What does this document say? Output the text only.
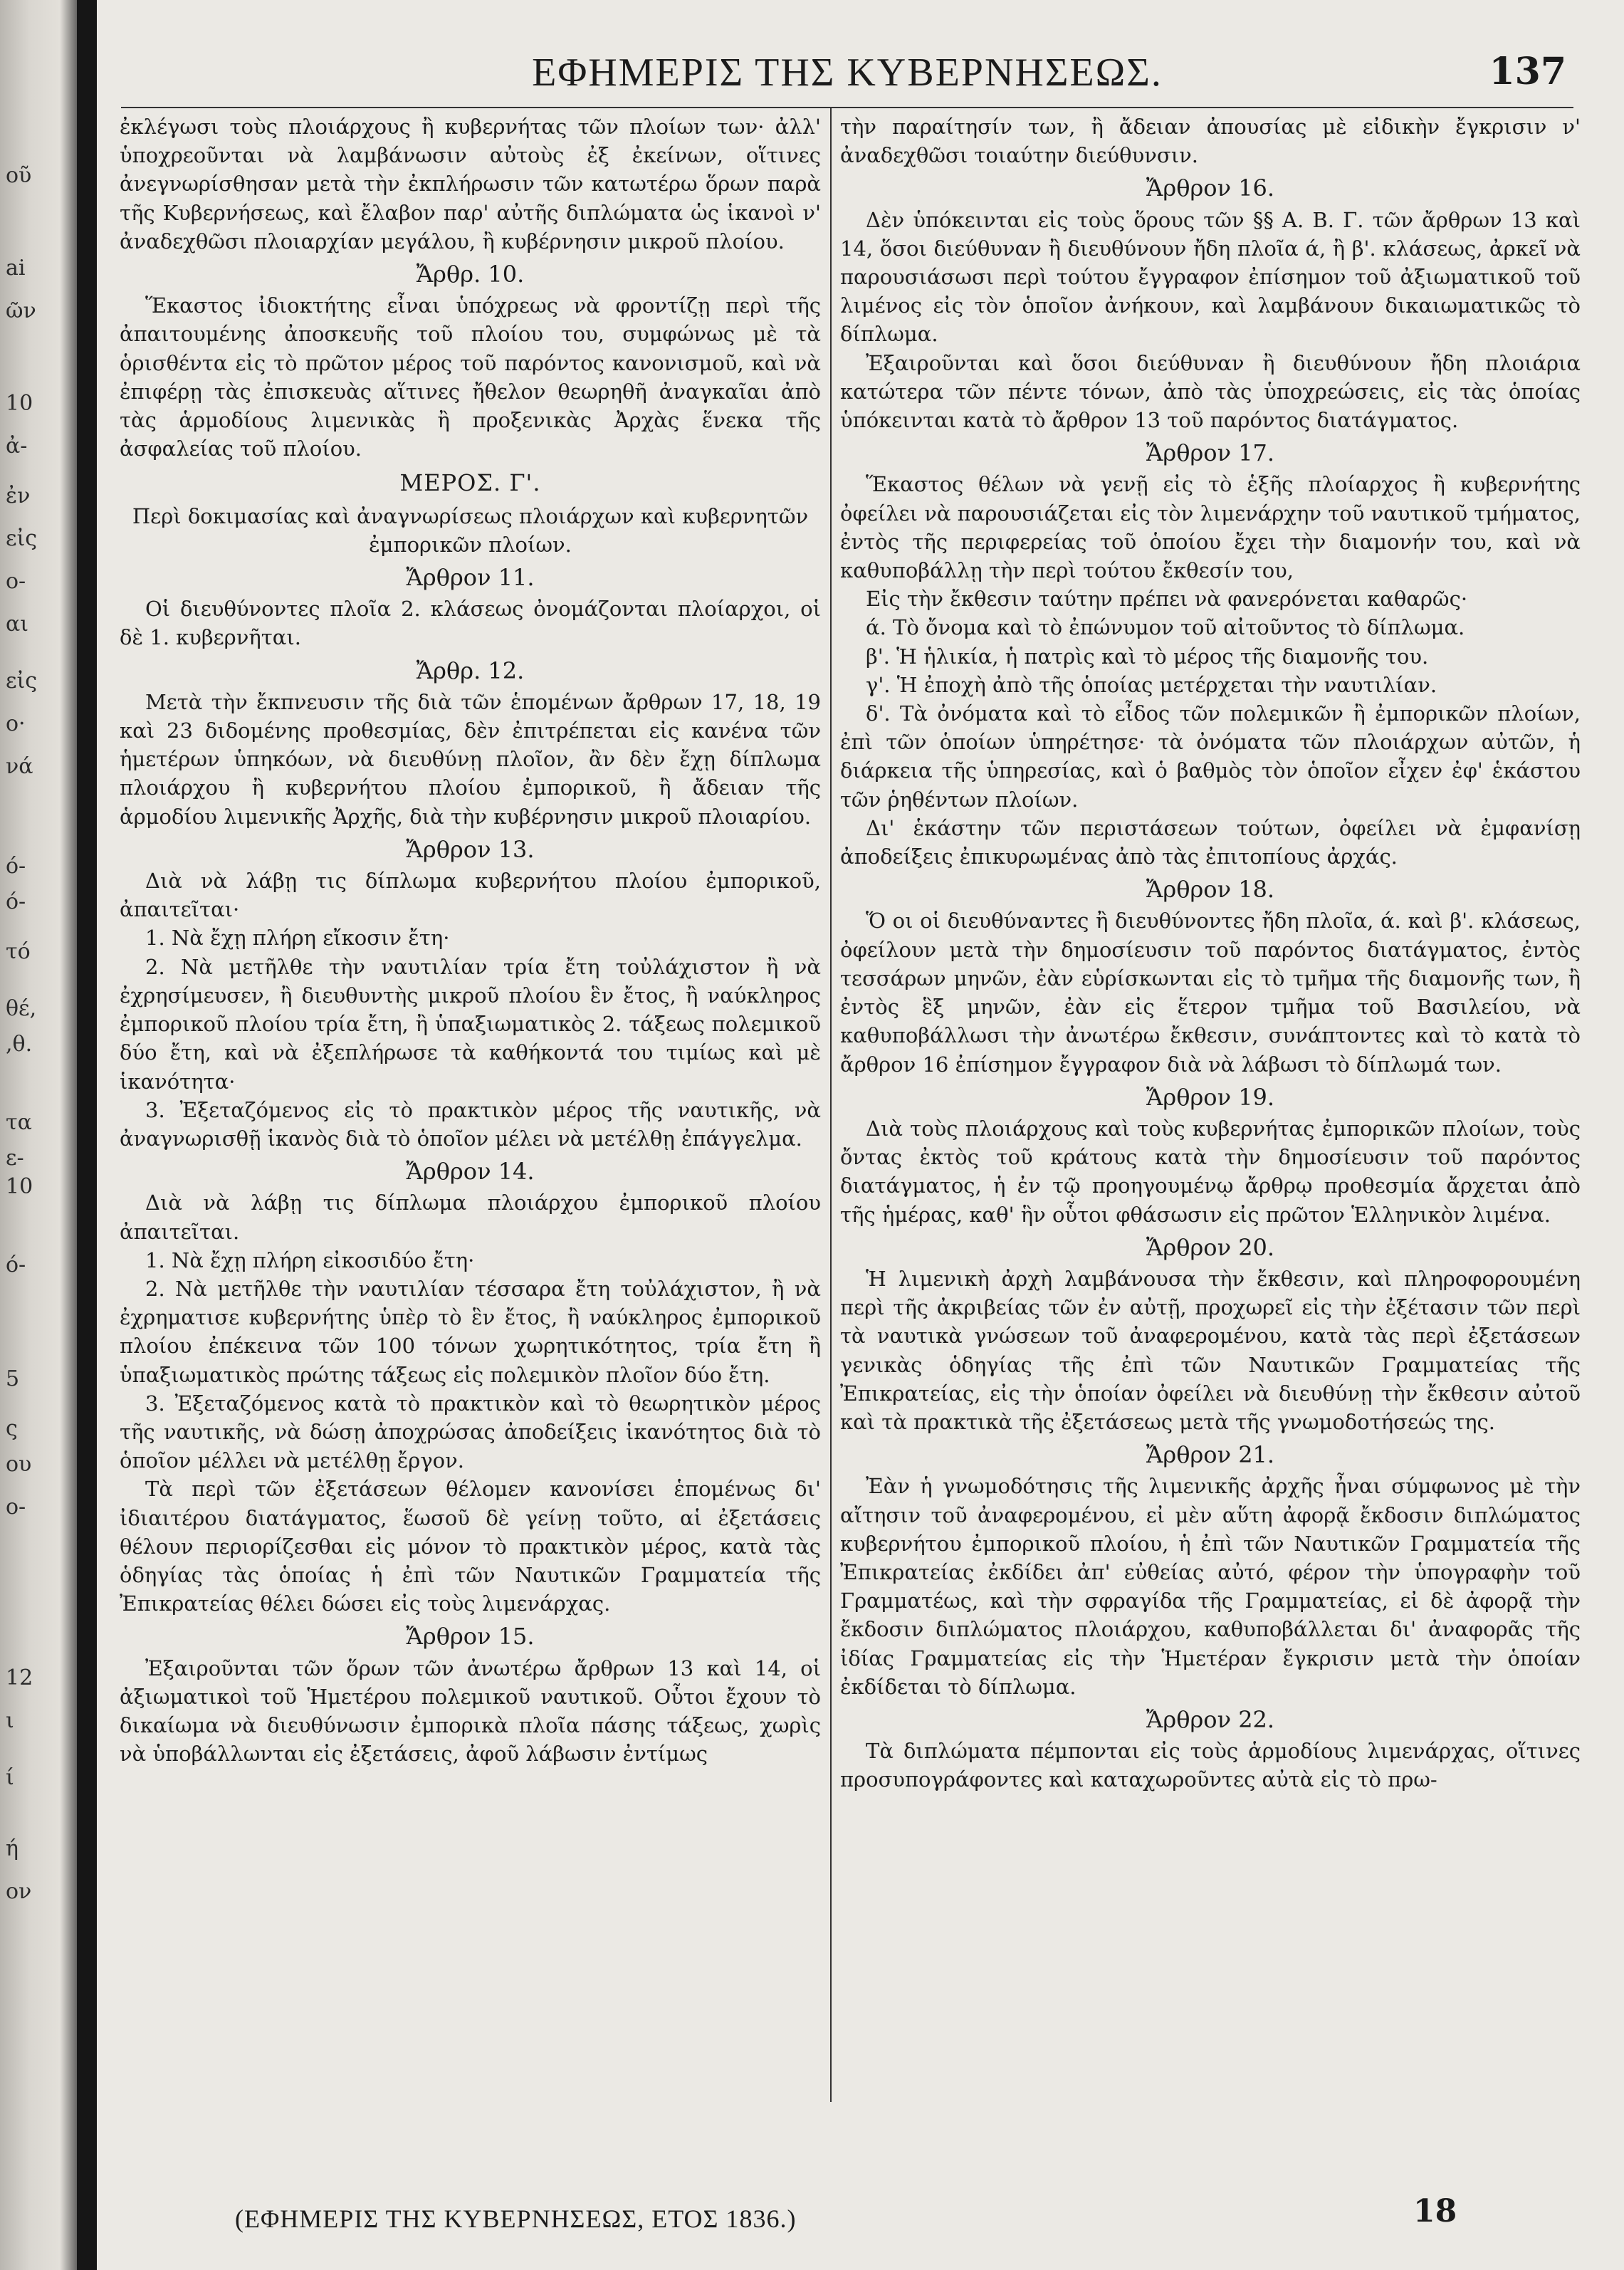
οῦ
ai
ῶν
10
ἀ-
ἐν
εἰς
ο-
αι
εἰς
ο·
νά
ό-
ό-
τό
θέ,
,θ.
τα
ε-
10
ό-
5
ς
ου
ο-
12
ι
ί
ή
ον
ΕΦΗΜΕΡΙΣ ΤΗΣ ΚΥΒΕΡΝΗΣΕΩΣ.	137

ἐκλέγωσι τοὺς πλοιάρχους ἢ κυβερνήτας τῶν πλοίων των· ἀλλ' ὑποχρεοῦνται νὰ λαμβάνωσιν αὐτοὺς ἐξ ἐκείνων, οἵτινες ἀνεγνωρίσθησαν μετὰ τὴν ἐκπλήρωσιν τῶν κατωτέρω ὅρων παρὰ τῆς Κυβερνήσεως, καὶ ἔλαβον παρ' αὐτῆς διπλώματα ὡς ἱκανοὶ ν' ἀναδεχθῶσι πλοιαρχίαν μεγάλου, ἢ κυβέρνησιν μικροῦ πλοίου.

Ἄρθρ. 10.

Ἕκαστος ἰδιοκτήτης εἶναι ὑπόχρεως νὰ φροντίζῃ περὶ τῆς ἀπαιτουμένης ἀποσκευῆς τοῦ πλοίου του, συμφώνως μὲ τὰ ὁρισθέντα εἰς τὸ πρῶτον μέρος τοῦ παρόντος κανονισμοῦ, καὶ νὰ ἐπιφέρῃ τὰς ἐπισκευὰς αἵτινες ἤθελον θεωρηθῆ ἀναγκαῖαι ἀπὸ τὰς ἁρμοδίους λιμενικὰς ἢ προξενικὰς Ἀρχὰς ἕνεκα τῆς ἀσφαλείας τοῦ πλοίου.

ΜΕΡΟΣ. Γ'.

Περὶ δοκιμασίας καὶ ἀναγνωρίσεως πλοιάρχων καὶ κυβερνητῶν ἐμπορικῶν πλοίων.

Ἄρθρον 11.

Οἱ διευθύνοντες πλοῖα 2. κλάσεως ὀνομάζονται πλοίαρχοι, οἱ δὲ 1. κυβερνῆται.

Ἄρθρ. 12.

Μετὰ τὴν ἔκπνευσιν τῆς διὰ τῶν ἑπομένων ἄρθρων 17, 18, 19 καὶ 23 διδομένης προθεσμίας, δὲν ἐπιτρέπεται εἰς κανένα τῶν ἡμετέρων ὑπηκόων, νὰ διευθύνῃ πλοῖον, ἂν δὲν ἔχῃ δίπλωμα πλοιάρχου ἢ κυβερνήτου πλοίου ἐμπορικοῦ, ἢ ἄδειαν τῆς ἁρμοδίου λιμενικῆς Ἀρχῆς, διὰ τὴν κυβέρνησιν μικροῦ πλοιαρίου.

Ἄρθρον 13.

Διὰ νὰ λάβῃ τις δίπλωμα κυβερνήτου πλοίου ἐμπορικοῦ, ἀπαιτεῖται·

1. Νὰ ἔχῃ πλήρη εἴκοσιν ἔτη·

2. Νὰ μετῆλθε τὴν ναυτιλίαν τρία ἔτη τοὐλάχιστον ἢ νὰ ἐχρησίμευσεν, ἢ διευθυντὴς μικροῦ πλοίου ἓν ἔτος, ἢ ναύκληρος ἐμπορικοῦ πλοίου τρία ἔτη, ἢ ὑπαξιωματικὸς 2. τάξεως πολεμικοῦ δύο ἔτη, καὶ νὰ ἐξεπλήρωσε τὰ καθήκοντά του τιμίως καὶ μὲ ἱκανότητα·

3. Ἐξεταζόμενος εἰς τὸ πρακτικὸν μέρος τῆς ναυτικῆς, νὰ ἀναγνωρισθῇ ἱκανὸς διὰ τὸ ὁποῖον μέλει νὰ μετέλθῃ ἐπάγγελμα.

Ἄρθρον 14.

Διὰ νὰ λάβῃ τις δίπλωμα πλοιάρχου ἐμπορικοῦ πλοίου ἀπαιτεῖται.

1. Νὰ ἔχῃ πλήρη εἰκοσιδύο ἔτη·

2. Νὰ μετῆλθε τὴν ναυτιλίαν τέσσαρα ἔτη τοὐλάχιστον, ἢ νὰ ἐχρηματισε κυβερνήτης ὑπὲρ τὸ ἓν ἔτος, ἢ ναύκληρος ἐμπορικοῦ πλοίου ἐπέκεινα τῶν 100 τόνων χωρητικότητος, τρία ἔτη ἢ ὑπαξιωματικὸς πρώτης τάξεως εἰς πολεμικὸν πλοῖον δύο ἔτη.

3. Ἐξεταζόμενος κατὰ τὸ πρακτικὸν καὶ τὸ θεωρητικὸν μέρος τῆς ναυτικῆς, νὰ δώσῃ ἀποχρώσας ἀποδείξεις ἱκανότητος διὰ τὸ ὁποῖον μέλλει νὰ μετέλθῃ ἔργον.

Τὰ περὶ τῶν ἐξετάσεων θέλομεν κανονίσει ἑπομένως δι' ἰδιαιτέρου διατάγματος, ἕωσοῦ δὲ γείνῃ τοῦτο, αἱ ἐξετάσεις θέλουν περιορίζεσθαι εἰς μόνον τὸ πρακτικὸν μέρος, κατὰ τὰς ὁδηγίας τὰς ὁποίας ἡ ἐπὶ τῶν Ναυτικῶν Γραμματεία τῆς Ἐπικρατείας θέλει δώσει εἰς τοὺς λιμενάρχας.

Ἄρθρον 15.

Ἐξαιροῦνται τῶν ὅρων τῶν ἀνωτέρω ἄρθρων 13 καὶ 14, οἱ ἀξιωματικοὶ τοῦ Ἡμετέρου πολεμικοῦ ναυτικοῦ. Οὗτοι ἔχουν τὸ δικαίωμα νὰ διευθύνωσιν ἐμπορικὰ πλοῖα πάσης τάξεως, χωρὶς νὰ ὑποβάλλωνται εἰς ἐξετάσεις, ἀφοῦ λάβωσιν ἐντίμως

τὴν παραίτησίν των, ἢ ἄδειαν ἀπουσίας μὲ εἰδικὴν ἔγκρισιν ν' ἀναδεχθῶσι τοιαύτην διεύθυνσιν.

Ἄρθρον 16.

Δὲν ὑπόκεινται εἰς τοὺς ὅρους τῶν §§ Α. Β. Γ. τῶν ἄρθρων 13 καὶ 14, ὅσοι διεύθυναν ἢ διευθύνουν ἤδη πλοῖα ά, ἢ β'. κλάσεως, ἀρκεῖ νὰ παρουσιάσωσι περὶ τούτου ἔγγραφον ἐπίσημον τοῦ ἀξιωματικοῦ τοῦ λιμένος εἰς τὸν ὁποῖον ἀνήκουν, καὶ λαμβάνουν δικαιωματικῶς τὸ δίπλωμα.

Ἐξαιροῦνται καὶ ὅσοι διεύθυναν ἢ διευθύνουν ἤδη πλοιάρια κατώτερα τῶν πέντε τόνων, ἀπὸ τὰς ὑποχρεώσεις, εἰς τὰς ὁποίας ὑπόκεινται κατὰ τὸ ἄρθρον 13 τοῦ παρόντος διατάγματος.

Ἄρθρον 17.

Ἕκαστος θέλων νὰ γενῇ εἰς τὸ ἑξῆς πλοίαρχος ἢ κυβερνήτης ὀφείλει νὰ παρουσιάζεται εἰς τὸν λιμενάρχην τοῦ ναυτικοῦ τμήματος, ἐντὸς τῆς περιφερείας τοῦ ὁποίου ἔχει τὴν διαμονήν του, καὶ νὰ καθυποβάλλῃ τὴν περὶ τούτου ἔκθεσίν του,

Εἰς τὴν ἔκθεσιν ταύτην πρέπει νὰ φανερόνεται καθαρῶς·

ά. Τὸ ὄνομα καὶ τὸ ἐπώνυμον τοῦ αἰτοῦντος τὸ δίπλωμα.

β'. Ἡ ἡλικία, ἡ πατρὶς καὶ τὸ μέρος τῆς διαμονῆς του.

γ'. Ἡ ἐποχὴ ἀπὸ τῆς ὁποίας μετέρχεται τὴν ναυτιλίαν.

δ'. Τὰ ὀνόματα καὶ τὸ εἶδος τῶν πολεμικῶν ἢ ἐμπορικῶν πλοίων, ἐπὶ τῶν ὁποίων ὑπηρέτησε· τὰ ὀνόματα τῶν πλοιάρχων αὐτῶν, ἡ διάρκεια τῆς ὑπηρεσίας, καὶ ὁ βαθμὸς τὸν ὁποῖον εἶχεν ἐφ' ἑκάστου τῶν ῥηθέντων πλοίων.

Δι' ἑκάστην τῶν περιστάσεων τούτων, ὀφείλει νὰ ἐμφανίσῃ ἀποδείξεις ἐπικυρωμένας ἀπὸ τὰς ἐπιτοπίους ἀρχάς.

Ἄρθρον 18.

Ὅ οι οἱ διευθύναντες ἢ διευθύνοντες ἤδη πλοῖα, ά. καὶ β'. κλάσεως, ὀφείλουν μετὰ τὴν δημοσίευσιν τοῦ παρόντος διατάγματος, ἐντὸς τεσσάρων μηνῶν, ἐὰν εὑρίσκωνται εἰς τὸ τμῆμα τῆς διαμονῆς των, ἢ ἐντὸς ἓξ μηνῶν, ἐὰν εἰς ἕτερον τμῆμα τοῦ Βασιλείου, νὰ καθυποβάλλωσι τὴν ἀνωτέρω ἔκθεσιν, συνάπτοντες καὶ τὸ κατὰ τὸ ἄρθρον 16 ἐπίσημον ἔγγραφον διὰ νὰ λάβωσι τὸ δίπλωμά των.

Ἄρθρον 19.

Διὰ τοὺς πλοιάρχους καὶ τοὺς κυβερνήτας ἐμπορικῶν πλοίων, τοὺς ὄντας ἐκτὸς τοῦ κράτους κατὰ τὴν δημοσίευσιν τοῦ παρόντος διατάγματος, ἡ ἐν τῷ προηγουμένῳ ἄρθρῳ προθεσμία ἄρχεται ἀπὸ τῆς ἡμέρας, καθ' ἣν οὗτοι φθάσωσιν εἰς πρῶτον Ἑλληνικὸν λιμένα.

Ἄρθρον 20.

Ἡ λιμενικὴ ἀρχὴ λαμβάνουσα τὴν ἔκθεσιν, καὶ πληροφορουμένη περὶ τῆς ἀκριβείας τῶν ἐν αὐτῇ, προχωρεῖ εἰς τὴν ἐξέτασιν τῶν περὶ τὰ ναυτικὰ γνώσεων τοῦ ἀναφερομένου, κατὰ τὰς περὶ ἐξετάσεων γενικὰς ὁδηγίας τῆς ἐπὶ τῶν Ναυτικῶν Γραμματείας τῆς Ἐπικρατείας, εἰς τὴν ὁποίαν ὀφείλει νὰ διευθύνῃ τὴν ἔκθεσιν αὐτοῦ καὶ τὰ πρακτικὰ τῆς ἐξετάσεως μετὰ τῆς γνωμοδοτήσεώς της.

Ἄρθρον 21.

Ἐὰν ἡ γνωμοδότησις τῆς λιμενικῆς ἀρχῆς ἦναι σύμφωνος μὲ τὴν αἴτησιν τοῦ ἀναφερομένου, εἰ μὲν αὕτη ἀφορᾷ ἔκδοσιν διπλώματος κυβερνήτου ἐμπορικοῦ πλοίου, ἡ ἐπὶ τῶν Ναυτικῶν Γραμματεία τῆς Ἐπικρατείας ἐκδίδει ἀπ' εὐθείας αὐτό, φέρον τὴν ὑπογραφὴν τοῦ Γραμματέως, καὶ τὴν σφραγίδα τῆς Γραμματείας, εἰ δὲ ἀφορᾷ τὴν ἔκδοσιν διπλώματος πλοιάρχου, καθυποβάλλεται δι' ἀναφορᾶς τῆς ἰδίας Γραμματείας εἰς τὴν Ἡμετέραν ἔγκρισιν μετὰ τὴν ὁποίαν ἐκδίδεται τὸ δίπλωμα.

Ἄρθρον 22.

Τὰ διπλώματα πέμπονται εἰς τοὺς ἁρμοδίους λιμενάρχας, οἵτινες προσυπογράφοντες καὶ καταχωροῦντες αὐτὰ εἰς τὸ πρω-

(ΕΦΗΜΕΡΙΣ ΤΗΣ ΚΥΒΕΡΝΗΣΕΩΣ, ΕΤΟΣ 1836.)	18
